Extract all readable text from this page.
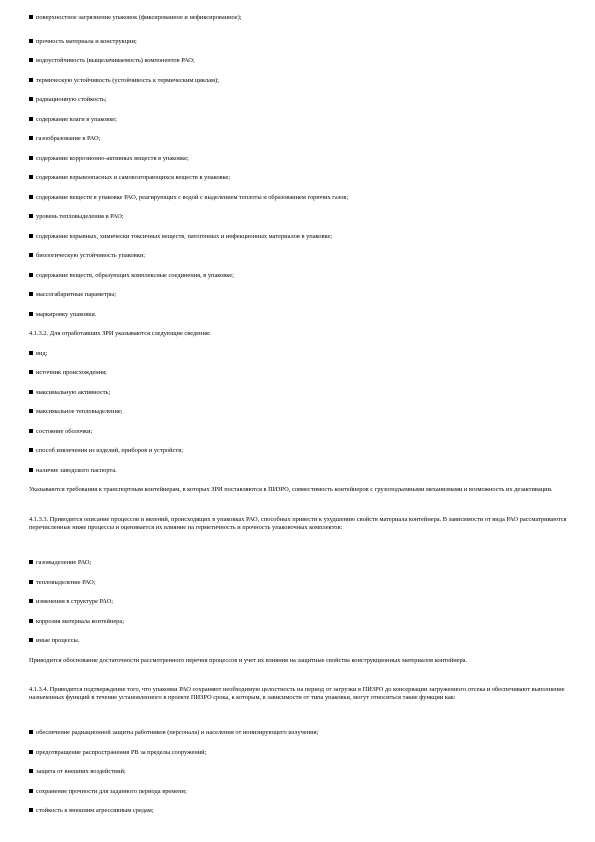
поверхностное загрязнение упаковок (фиксированное и нефиксированное);
прочность материала и конструкции;
водоустойчивость (выщелачиваемость) компонентов РАО;
термическую устойчивость (устойчивость к термическим циклам);
радиационную стойкость;
содержание влаги в упаковке;
газообразование в РАО;
содержание коррозионно-активных веществ в упаковке;
содержание взрывоопасных и самовозгорающихся веществ в упаковке;
содержание веществ в упаковке РАО, реагирующих с водой с выделением теплоты и образованием горючих газов;
уровень тепловыделения в РАО;
содержание взрывных, химически токсичных веществ, патогенных и инфекционных материалов в упаковке;
биологическую устойчивость упаковки;
содержание веществ, образующих комплексные соединения, в упаковке;
массогабаритные параметры;
маркировку упаковки.
4.1.3.2. Для отработавших ЗРИ указываются следующие сведения:
вид;
источник происхождения;
максимальную активность;
максимальное тепловыделение;
состояние оболочки;
способ извлечения из изделий, приборов и устройств;
наличие заводского паспорта.
Указываются требования к транспортным контейнерам, в которых ЗРИ поставляются в ПИЗРО, совместимость контейнеров с грузоподъемными механизмами и возможность их дезактивации.
4.1.3.3. Приводится описание процессов и явлений, происходящих в упаковках РАО, способных привести к ухудшению свойств материала контейнера. В зависимости от вида РАО рассматриваются перечисленные ниже процессы и оценивается их влияние на герметичность и прочность упаковочных комплектов:
газовыделение РАО;
тепловыделение РАО;
изменения в структуре РАО;
коррозия материала контейнера;
иные процессы.
Приводится обоснование достаточности рассмотренного перечня процессов и учет их влияния на защитные свойства конструкционных материалов контейнера.
4.1.3.4. Приводится подтверждение того, что упаковки РАО сохраняют необходимую целостность на период от загрузки в ПИЗРО до консервации загруженного отсека и обеспечивают выполнение назначенных функций в течение установленного в проекте ПИЗРО срока, к которым, в зависимости от типа упаковки, могут относиться такие функции как:
обеспечение радиационной защиты работников (персонала) и населения от ионизирующего излучения;
предотвращение распространения РВ за пределы сооружений;
защита от внешних воздействий;
сохранение прочности для заданного периода времени;
стойкость к внешним агрессивным средам;
